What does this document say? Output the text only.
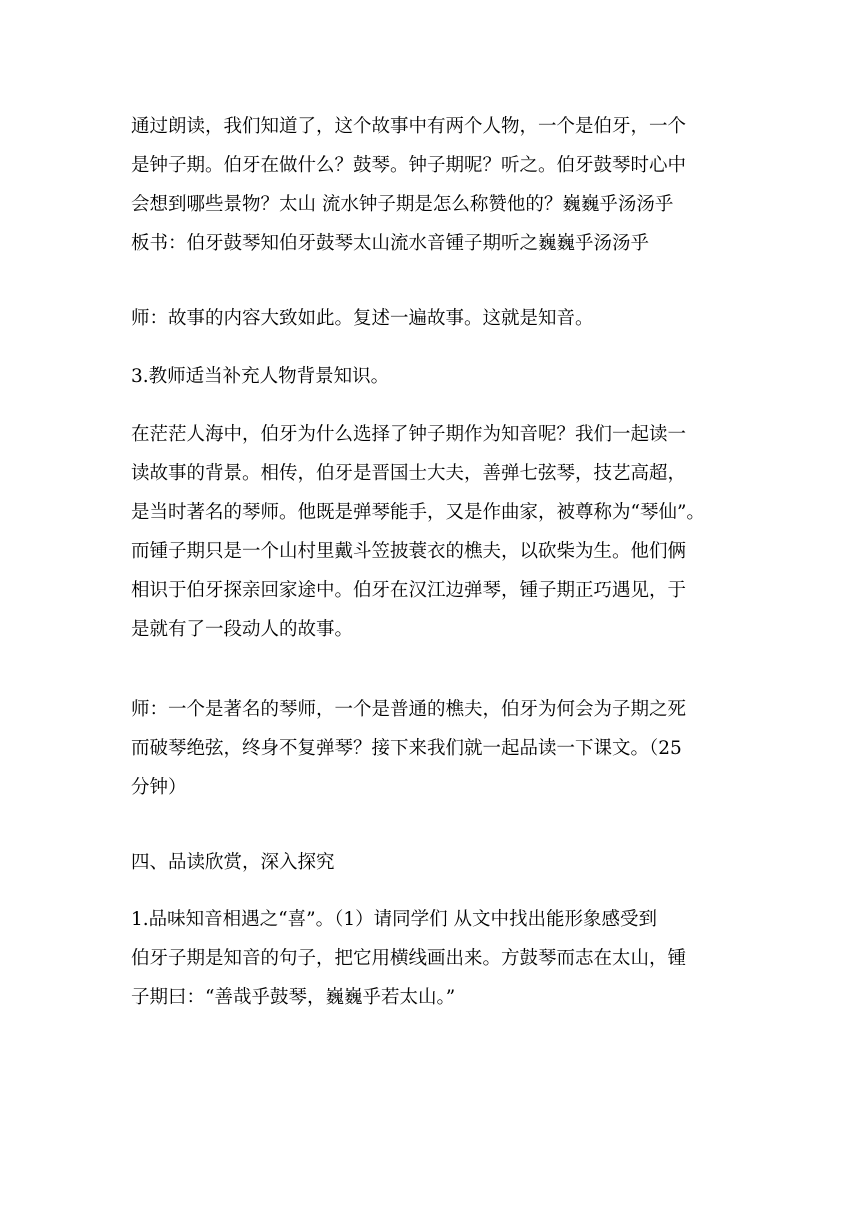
通过朗读，我们知道了，这个故事中有两个人物，一个是伯牙，一个
是钟子期。伯牙在做什么？鼓琴。钟子期呢？听之。伯牙鼓琴时心中
会想到哪些景物？太山 流水钟子期是怎么称赞他的？巍巍乎汤汤乎
板书：伯牙鼓琴知伯牙鼓琴太山流水音锺子期听之巍巍乎汤汤乎
师：故事的内容大致如此。复述一遍故事。这就是知音。
3.教师适当补充人物背景知识。
在茫茫人海中，伯牙为什么选择了钟子期作为知音呢？我们一起读一
读故事的背景。相传，伯牙是晋国士大夫，善弹七弦琴，技艺高超，
是当时著名的琴师。他既是弹琴能手，又是作曲家，被尊称为“琴仙”。
而锺子期只是一个山村里戴斗笠披蓑衣的樵夫，以砍柴为生。他们俩
相识于伯牙探亲回家途中。伯牙在汉江边弹琴，锺子期正巧遇见，于
是就有了一段动人的故事。
师：一个是著名的琴师，一个是普通的樵夫，伯牙为何会为子期之死
而破琴绝弦，终身不复弹琴？接下来我们就一起品读一下课文。（25
分钟）
四、品读欣赏，深入探究
1.品味知音相遇之“喜”。（1）请同学们 从文中找出能形象感受到
伯牙子期是知音的句子，把它用横线画出来。方鼓琴而志在太山，锺
子期曰：“善哉乎鼓琴，巍巍乎若太山。”
